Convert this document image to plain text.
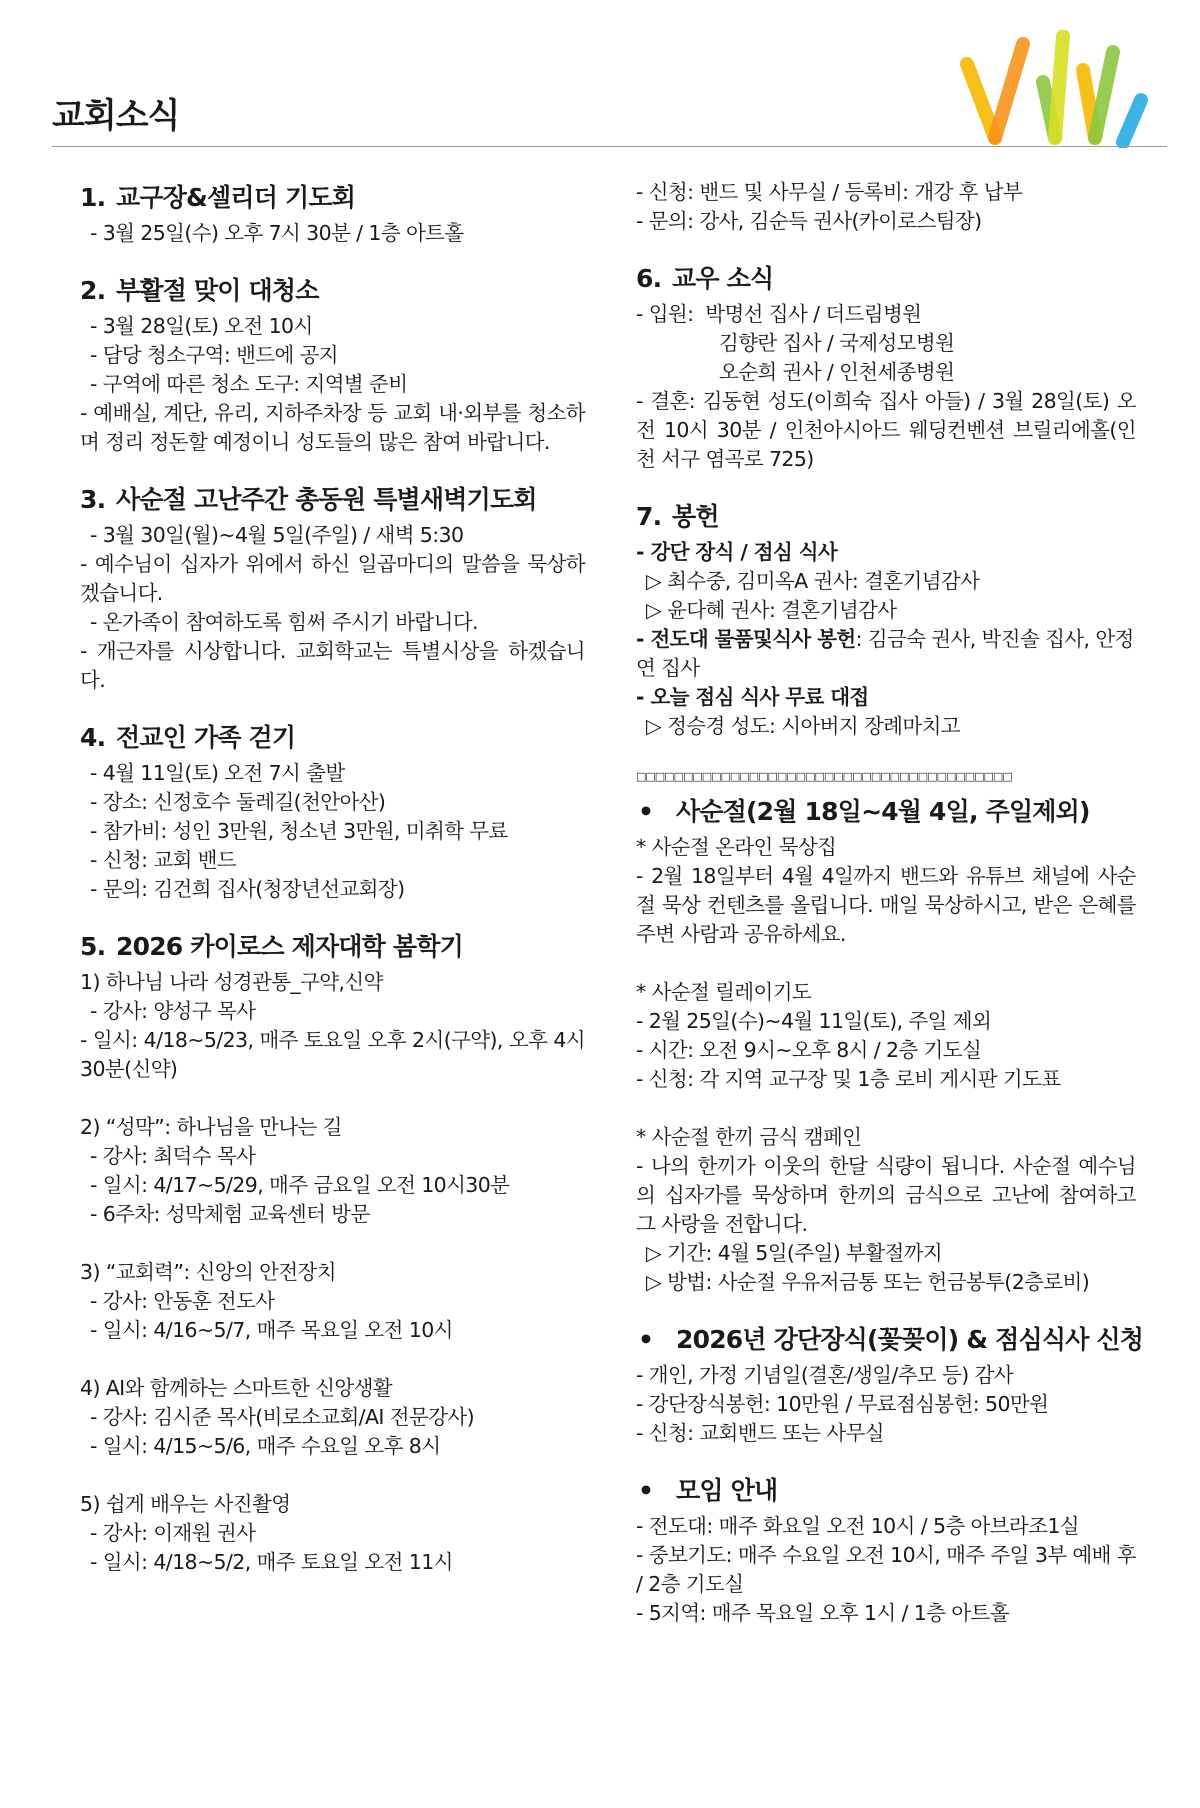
교회소식
1. 교구장&셀리더 기도회
- 3월 25일(수) 오후 7시 30분 / 1층 아트홀
2. 부활절 맞이 대청소
- 3월 28일(토) 오전 10시
- 담당 청소구역: 밴드에 공지
- 구역에 따른 청소 도구: 지역별 준비
- 예배실, 계단, 유리, 지하주차장 등 교회 내·외부를 청소하며 정리 정돈할 예정이니 성도들의 많은 참여 바랍니다.
3. 사순절 고난주간 총동원 특별새벽기도회
- 3월 30일(월)~4월 5일(주일) / 새벽 5:30
- 예수님이 십자가 위에서 하신 일곱마디의 말씀을 묵상하겠습니다.
- 온가족이 참여하도록 힘써 주시기 바랍니다.
- 개근자를 시상합니다. 교회학교는 특별시상을 하겠습니다.
4. 전교인 가족 걷기
- 4월 11일(토) 오전 7시 출발
- 장소: 신정호수 둘레길(천안아산)
- 참가비: 성인 3만원, 청소년 3만원, 미취학 무료
- 신청: 교회 밴드
- 문의: 김건희 집사(청장년선교회장)
5. 2026 카이로스 제자대학 봄학기
1) 하나님 나라 성경관통_구약,신약
- 강사: 양성구 목사
- 일시: 4/18~5/23, 매주 토요일 오후 2시(구약), 오후 4시 30분(신약)
2) “성막”: 하나님을 만나는 길
- 강사: 최덕수 목사
- 일시: 4/17~5/29, 매주 금요일 오전 10시30분
- 6주차: 성막체험 교육센터 방문
3) “교회력”: 신앙의 안전장치
- 강사: 안동훈 전도사
- 일시: 4/16~5/7, 매주 목요일 오전 10시
4) AI와 함께하는 스마트한 신앙생활
- 강사: 김시준 목사(비로소교회/AI 전문강사)
- 일시: 4/15~5/6, 매주 수요일 오후 8시
5) 쉽게 배우는 사진촬영
- 강사: 이재원 권사
- 일시: 4/18~5/2, 매주 토요일 오전 11시
- 신청: 밴드 및 사무실 / 등록비: 개강 후 납부
- 문의: 강사, 김순득 권사(카이로스팀장)
6. 교우 소식
- 입원: 박명선 집사 / 더드림병원
김향란 집사 / 국제성모병원
오순희 권사 / 인천세종병원
- 결혼: 김동현 성도(이희숙 집사 아들) / 3월 28일(토) 오전 10시 30분 / 인천아시아드 웨딩컨벤션 브릴리에홀(인천 서구 염곡로 725)
7. 봉헌
- 강단 장식 / 점심 식사
▷ 최수중, 김미옥A 권사: 결혼기념감사
▷ 윤다혜 권사: 결혼기념감사
- 전도대 물품및식사 봉헌: 김금숙 권사, 박진솔 집사, 안정연 집사
- 오늘 점심 식사 무료 대접
▷ 정승경 성도: 시아버지 장례마치고
□□□□□□□□□□□□□□□□□□□□□□□□□□□□□□□□□□□□□□□□
• 사순절(2월 18일~4월 4일, 주일제외)
* 사순절 온라인 묵상집
- 2월 18일부터 4월 4일까지 밴드와 유튜브 채널에 사순절 묵상 컨텐츠를 올립니다. 매일 묵상하시고, 받은 은혜를 주변 사람과 공유하세요.
* 사순절 릴레이기도
- 2월 25일(수)~4월 11일(토), 주일 제외
- 시간: 오전 9시~오후 8시 / 2층 기도실
- 신청: 각 지역 교구장 및 1층 로비 게시판 기도표
* 사순절 한끼 금식 캠페인
- 나의 한끼가 이웃의 한달 식량이 됩니다. 사순절 예수님의 십자가를 묵상하며 한끼의 금식으로 고난에 참여하고 그 사랑을 전합니다.
▷ 기간: 4월 5일(주일) 부활절까지
▷ 방법: 사순절 우유저금통 또는 헌금봉투(2층로비)
• 2026년 강단장식(꽃꽂이) & 점심식사 신청
- 개인, 가정 기념일(결혼/생일/추모 등) 감사
- 강단장식봉헌: 10만원 / 무료점심봉헌: 50만원
- 신청: 교회밴드 또는 사무실
• 모임 안내
- 전도대: 매주 화요일 오전 10시 / 5층 아브라조1실
- 중보기도: 매주 수요일 오전 10시, 매주 주일 3부 예배 후 / 2층 기도실
- 5지역: 매주 목요일 오후 1시 / 1층 아트홀
